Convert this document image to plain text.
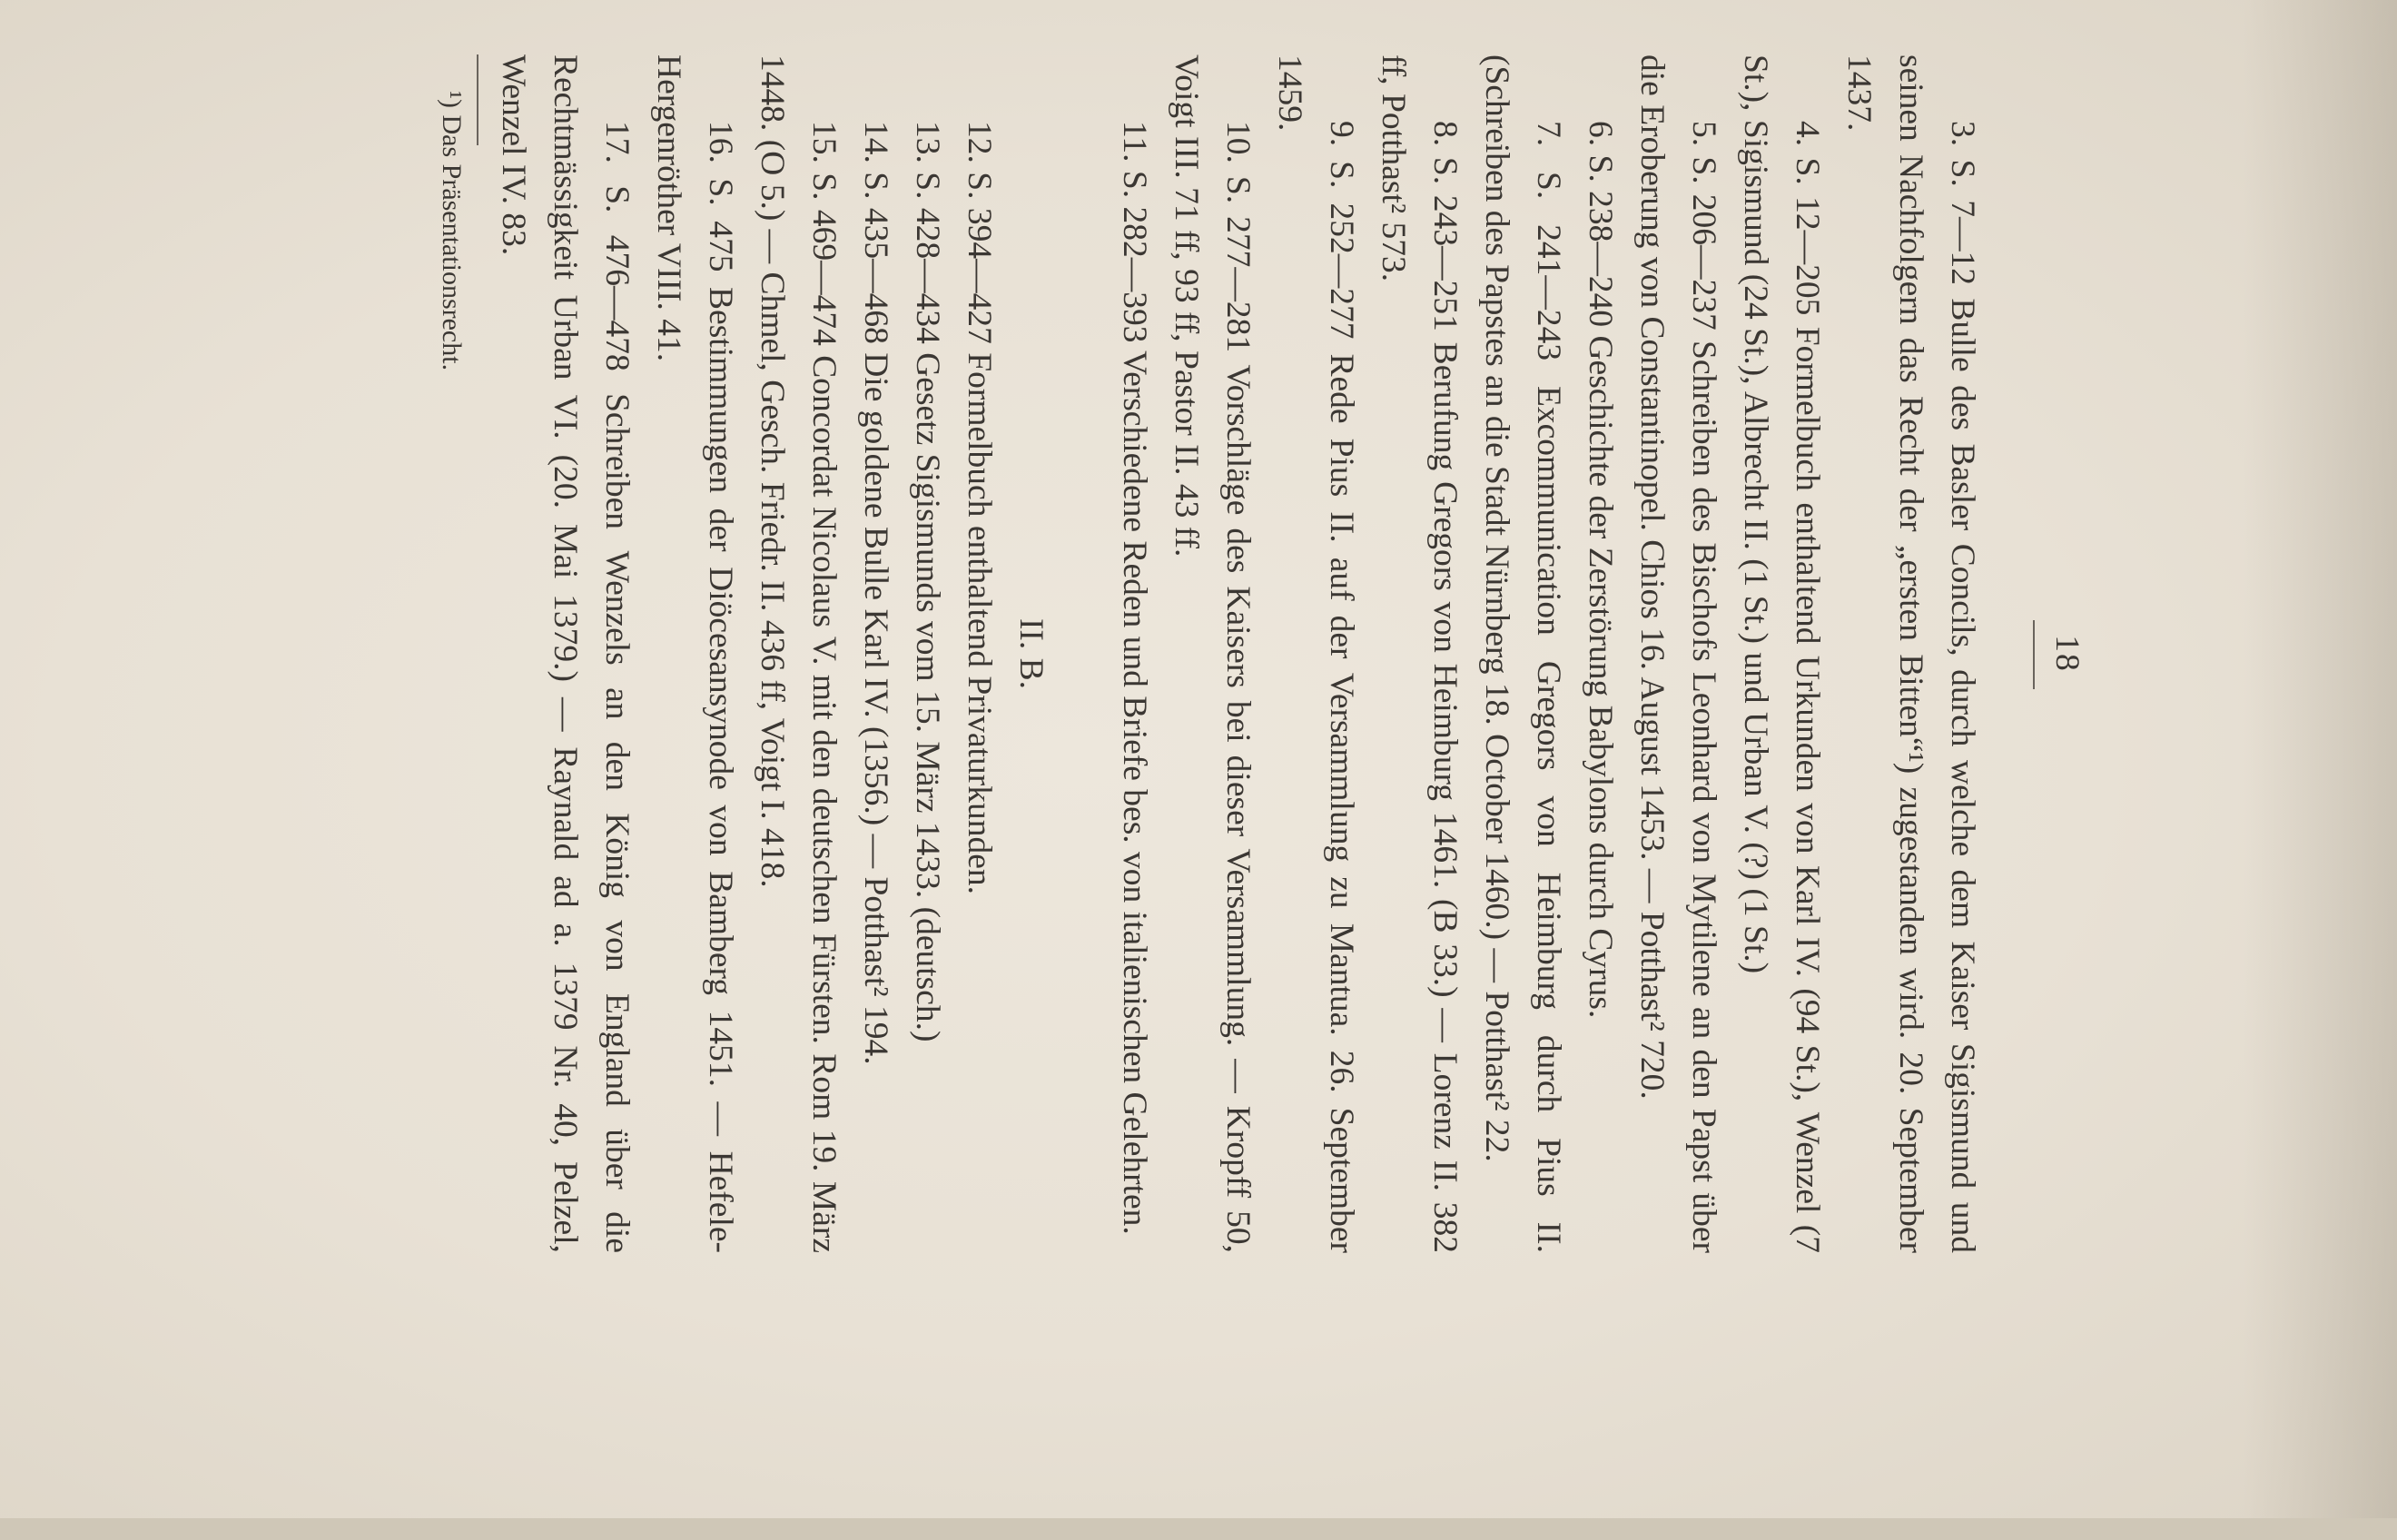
18

3. S. 7—12 Bulle des Basler Concils, durch welche dem Kaiser Sigismund und seinen Nachfolgern das Recht der „ersten Bitten“¹) zugestanden wird. 20. September 1437.

4. S. 12—205 Formelbuch enthaltend Urkunden von Karl IV. (94 St.), Wenzel (7 St.), Sigismund (24 St.), Albrecht II. (1 St.) und Urban V. (?) (1 St.)

5. S. 206—237 Schreiben des Bischofs Leonhard von Mytilene an den Papst über die Eroberung von Constantinopel. Chios 16. August 1453. — Potthast² 720.

6. S. 238—240 Geschichte der Zerstörung Babylons durch Cyrus.

7. S. 241—243 Excommunication Gregors von Heimburg durch Pius II. (Schreiben des Papstes an die Stadt Nürnberg 18. October 1460.) — Potthast² 22.

8. S. 243—251 Berufung Gregors von Heimburg 1461. (B 33.) — Lorenz II. 382 ff, Potthast² 573.

9. S. 252—277 Rede Pius II. auf der Versammlung zu Mantua. 26. September 1459.

10. S. 277—281 Vorschläge des Kaisers bei dieser Versammlung. — Kropff 50, Voigt III. 71 ff, 93 ff, Pastor II. 43 ff.

11. S. 282—393 Verschiedene Reden und Briefe bes. von italienischen Gelehrten.

II. B.

12. S. 394—427 Formelbuch enthaltend Privaturkunden.

13. S. 428—434 Gesetz Sigismunds vom 15. März 1433. (deutsch.)

14. S. 435—468 Die goldene Bulle Karl IV. (1356.) — Potthast² 194.

15. S. 469—474 Concordat Nicolaus V. mit den deutschen Fürsten. Rom 19. März 1448. (O 5.) — Chmel, Gesch. Friedr. II. 436 ff, Voigt I. 418.

16. S. 475 Bestimmungen der Diöcesansynode von Bamberg 1451. — Hefele-Hergenröther VIII. 41.

17. S. 476—478 Schreiben Wenzels an den König von England über die Rechtmässigkeit Urban VI. (20. Mai 1379.) — Raynald ad a. 1379 Nr. 40, Pelzel, Wenzel IV. 83.

¹) Das Präsentationsrecht.
